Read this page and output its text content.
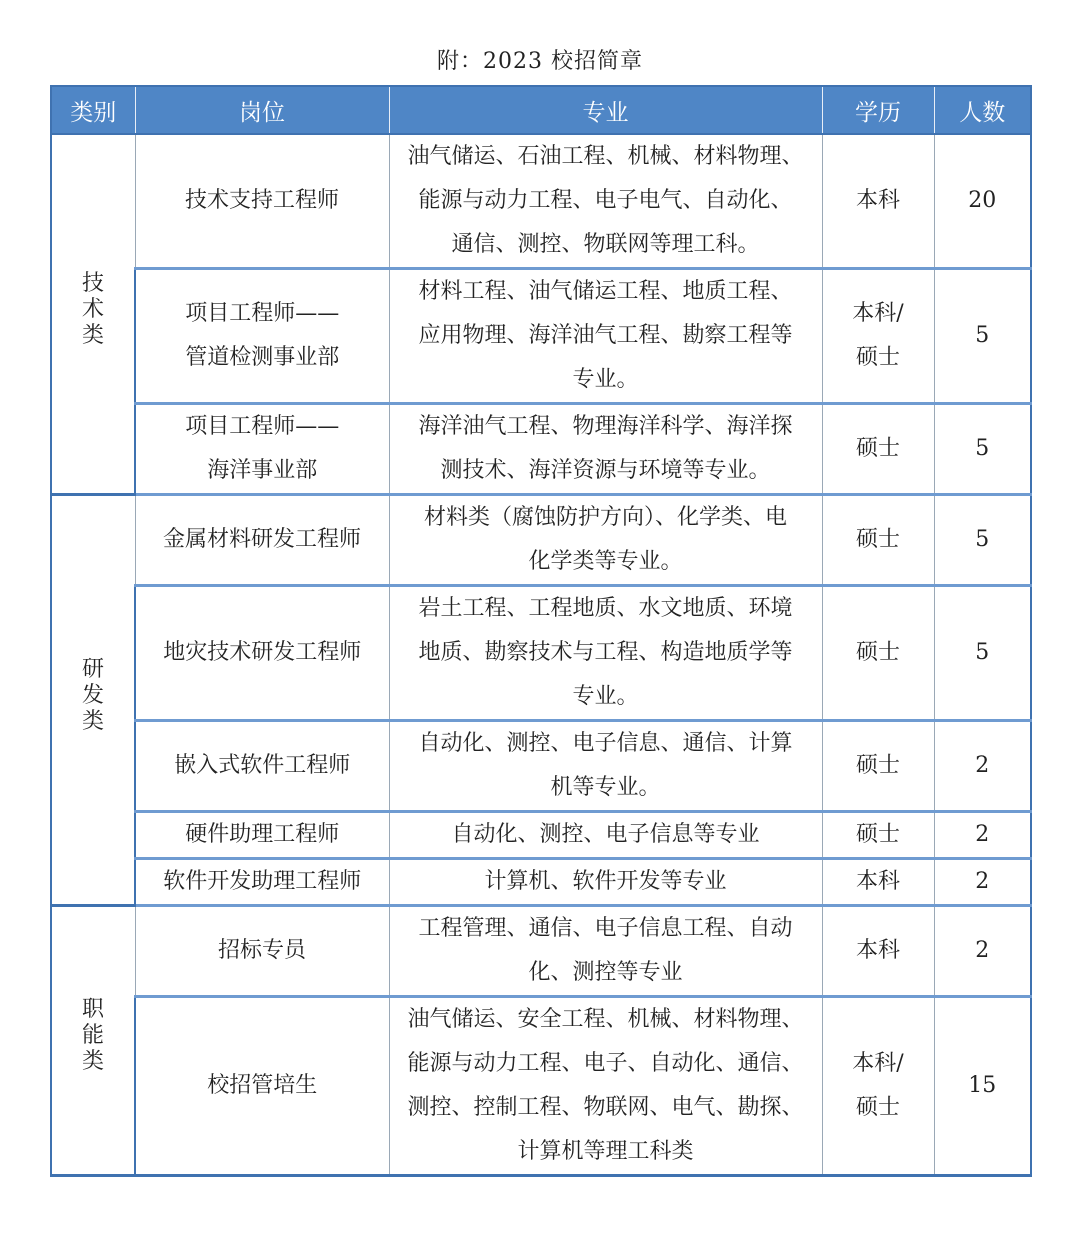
附：2023 校招简章
类别	岗位	专业	学历	人数
技术类	技术支持工程师	油气储运、石油工程、机械、材料物理、
能源与动力工程、电子电气、自动化、
通信、测控、物联网等理工科。	本科	20

	项目工程师——
管道检测事业部	材料工程、油气储运工程、地质工程、
应用物理、海洋油气工程、勘察工程等
专业。	本科/
硕士	5

	项目工程师——
海洋事业部	海洋油气工程、物理海洋科学、海洋探
测技术、海洋资源与环境等专业。	硕士	5
研发类	金属材料研发工程师	材料类（腐蚀防护方向）、化学类、电
化学类等专业。	硕士	5

	地灾技术研发工程师	岩土工程、工程地质、水文地质、环境
地质、勘察技术与工程、构造地质学等
专业。	硕士	5

	嵌入式软件工程师	自动化、测控、电子信息、通信、计算
机等专业。	硕士	2

	硬件助理工程师	自动化、测控、电子信息等专业	硕士	2

	软件开发助理工程师	计算机、软件开发等专业	本科	2
职能类	招标专员	工程管理、通信、电子信息工程、自动
化、测控等专业	本科	2

	校招管培生	油气储运、安全工程、机械、材料物理、
能源与动力工程、电子、自动化、通信、
测控、控制工程、物联网、电气、勘探、
计算机等理工科类	本科/
硕士	15
